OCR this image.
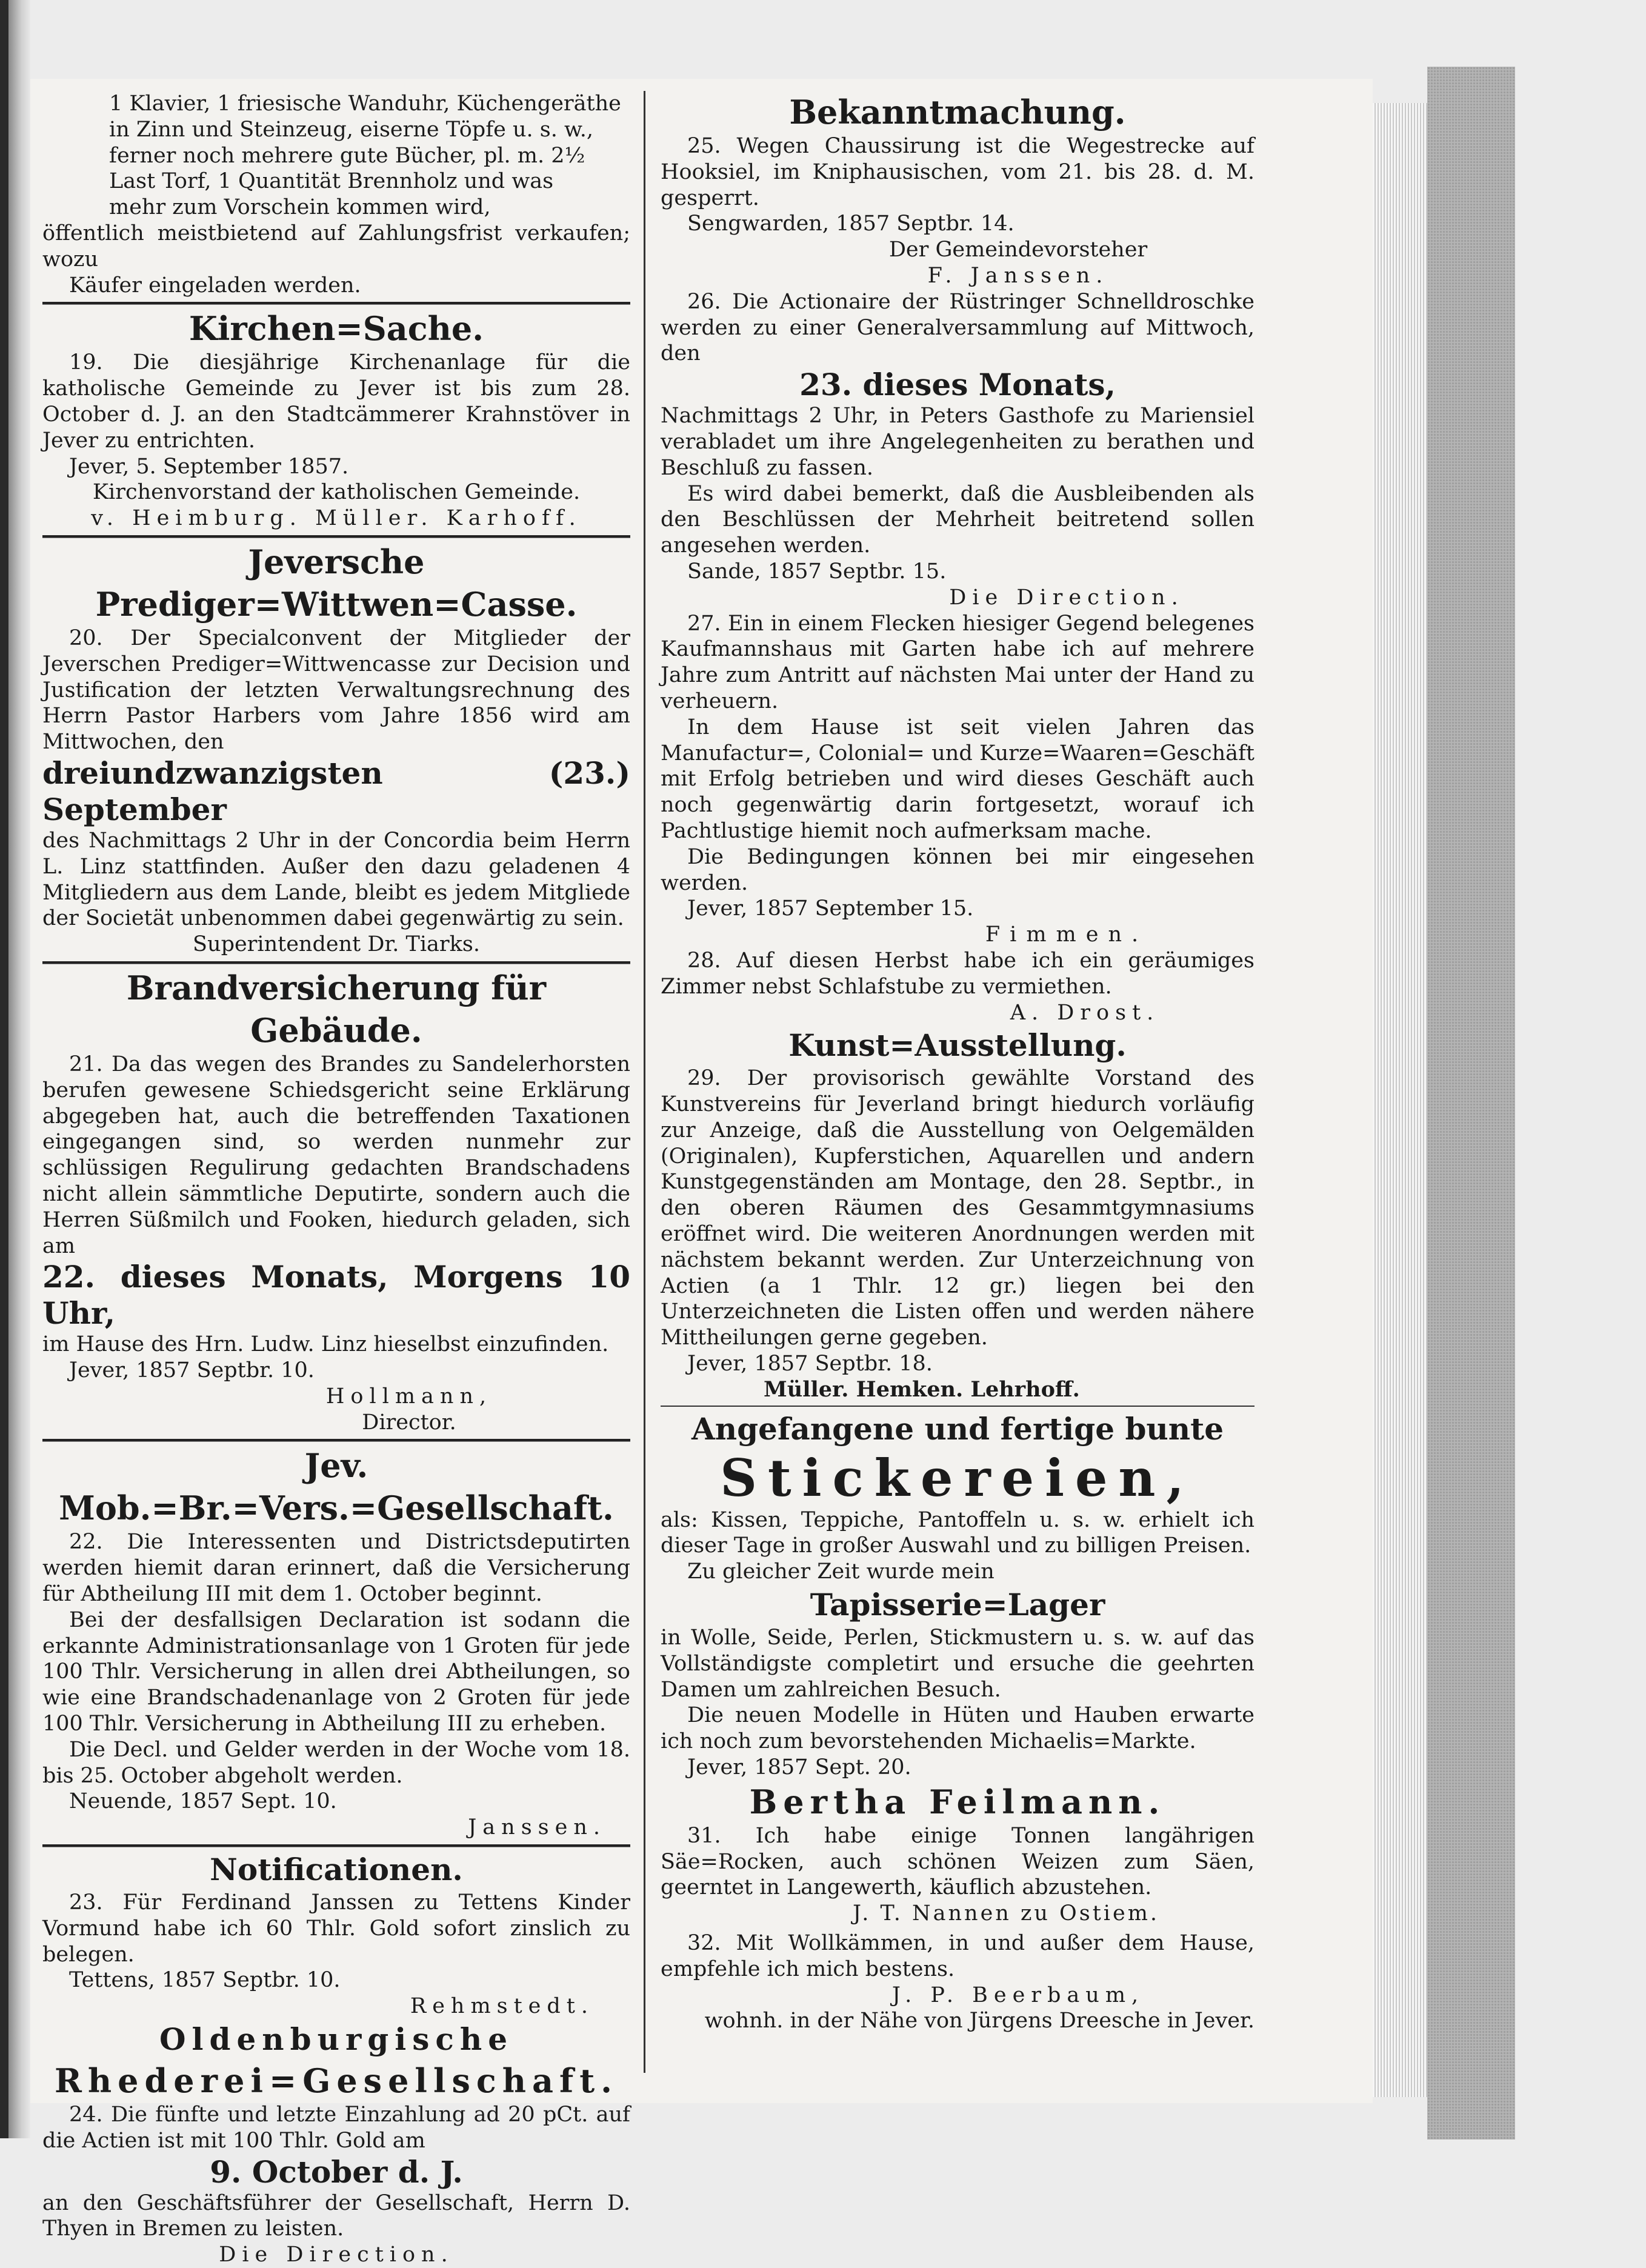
1 Klavier, 1 friesische Wanduhr, Küchengeräthe

in Zinn und Steinzeug, eiserne Töpfe u. s. w.,

ferner noch mehrere gute Bücher, pl. m. 2½

Last Torf, 1 Quantität Brennholz und was

mehr zum Vorschein kommen wird,

öffentlich meistbietend auf Zahlungsfrist verkaufen; wozu

Käufer eingeladen werden.

Kirchen=Sache.

19. Die diesjährige Kirchenanlage für die katholische Gemeinde zu Jever ist bis zum 28. October d. J. an den Stadtcämmerer Krahnstöver in Jever zu entrichten.

Jever, 5. September 1857.

Kirchenvorstand der katholischen Gemeinde.

v. Heimburg. Müller. Karhoff.

Jeversche Prediger=Wittwen=Casse.

20. Der Specialconvent der Mitglieder der Jeverschen Prediger=Wittwencasse zur Decision und Justification der letzten Verwaltungsrechnung des Herrn Pastor Harbers vom Jahre 1856 wird am Mittwochen, den

dreiundzwanzigsten (23.) September

des Nachmittags 2 Uhr in der Concordia beim Herrn L. Linz stattfinden. Außer den dazu geladenen 4 Mitgliedern aus dem Lande, bleibt es jedem Mitgliede der Societät unbenommen dabei gegenwärtig zu sein.

Superintendent Dr. Tiarks.

Brandversicherung für Gebäude.

21. Da das wegen des Brandes zu Sandelerhorsten berufen gewesene Schiedsgericht seine Erklärung abgegeben hat, auch die betreffenden Taxationen eingegangen sind, so werden nunmehr zur schlüssigen Regulirung gedachten Brandschadens nicht allein sämmtliche Deputirte, sondern auch die Herren Süßmilch und Fooken, hiedurch geladen, sich am

22. dieses Monats, Morgens 10 Uhr,

im Hause des Hrn. Ludw. Linz hieselbst einzufinden.

Jever, 1857 Septbr. 10.

Hollmann,

Director.

Jev. Mob.=Br.=Vers.=Gesellschaft.

22. Die Interessenten und Districtsdeputirten werden hiemit daran erinnert, daß die Versicherung für Abtheilung III mit dem 1. October beginnt.

Bei der desfallsigen Declaration ist sodann die erkannte Administrationsanlage von 1 Groten für jede 100 Thlr. Versicherung in allen drei Abtheilungen, so wie eine Brandschadenanlage von 2 Groten für jede 100 Thlr. Versicherung in Abtheilung III zu erheben.

Die Decl. und Gelder werden in der Woche vom 18. bis 25. October abgeholt werden.

Neuende, 1857 Sept. 10.

Janssen.

Notificationen.

23. Für Ferdinand Janssen zu Tettens Kinder Vormund habe ich 60 Thlr. Gold sofort zinslich zu belegen.

Tettens, 1857 Septbr. 10.

Rehmstedt.

Oldenburgische
Rhederei=Gesellschaft.

24. Die fünfte und letzte Einzahlung ad 20 pCt. auf die Actien ist mit 100 Thlr. Gold am

9. October d. J.

an den Geschäftsführer der Gesellschaft, Herrn D. Thyen in Bremen zu leisten.

Die Direction.

Bekanntmachung.

25. Wegen Chaussirung ist die Wegestrecke auf Hooksiel, im Kniphausischen, vom 21. bis 28. d. M. gesperrt.

Sengwarden, 1857 Septbr. 14.

Der Gemeindevorsteher

F. Janssen.

26. Die Actionaire der Rüstringer Schnelldroschke werden zu einer Generalversammlung auf Mittwoch, den

23. dieses Monats,

Nachmittags 2 Uhr, in Peters Gasthofe zu Mariensiel verabladet um ihre Angelegenheiten zu berathen und Beschluß zu fassen.

Es wird dabei bemerkt, daß die Ausbleibenden als den Beschlüssen der Mehrheit beitretend sollen angesehen werden.

Sande, 1857 Septbr. 15.

Die Direction.

27. Ein in einem Flecken hiesiger Gegend belegenes Kaufmannshaus mit Garten habe ich auf mehrere Jahre zum Antritt auf nächsten Mai unter der Hand zu verheuern.

In dem Hause ist seit vielen Jahren das Manufactur=, Colonial= und Kurze=Waaren=Geschäft mit Erfolg betrieben und wird dieses Geschäft auch noch gegenwärtig darin fortgesetzt, worauf ich Pachtlustige hiemit noch aufmerksam mache.

Die Bedingungen können bei mir eingesehen werden.

Jever, 1857 September 15.

Fimmen.

28. Auf diesen Herbst habe ich ein geräumiges Zimmer nebst Schlafstube zu vermiethen.

A. Drost.

Kunst=Ausstellung.

29. Der provisorisch gewählte Vorstand des Kunstvereins für Jeverland bringt hiedurch vorläufig zur Anzeige, daß die Ausstellung von Oelgemälden (Originalen), Kupferstichen, Aquarellen und andern Kunstgegenständen am Montage, den 28. Septbr., in den oberen Räumen des Gesammtgymnasiums eröffnet wird. Die weiteren Anordnungen werden mit nächstem bekannt werden. Zur Unterzeichnung von Actien (a 1 Thlr. 12 gr.) liegen bei den Unterzeichneten die Listen offen und werden nähere Mittheilungen gerne gegeben.

Jever, 1857 Septbr. 18.

Müller. Hemken. Lehrhoff.

Angefangene und fertige bunte
Stickereien,

als: Kissen, Teppiche, Pantoffeln u. s. w. erhielt ich dieser Tage in großer Auswahl und zu billigen Preisen.

Zu gleicher Zeit wurde mein

Tapisserie=Lager

in Wolle, Seide, Perlen, Stickmustern u. s. w. auf das Vollständigste completirt und ersuche die geehrten Damen um zahlreichen Besuch.

Die neuen Modelle in Hüten und Hauben erwarte ich noch zum bevorstehenden Michaelis=Markte.

Jever, 1857 Sept. 20.

Bertha Feilmann.

31. Ich habe einige Tonnen langährigen Säe=Rocken, auch schönen Weizen zum Säen, geerntet in Langewerth, käuflich abzustehen.

J. T. Nannen zu Ostiem.

32. Mit Wollkämmen, in und außer dem Hause, empfehle ich mich bestens.

J. P. Beerbaum,

wohnh. in der Nähe von Jürgens Dreesche in Jever.
